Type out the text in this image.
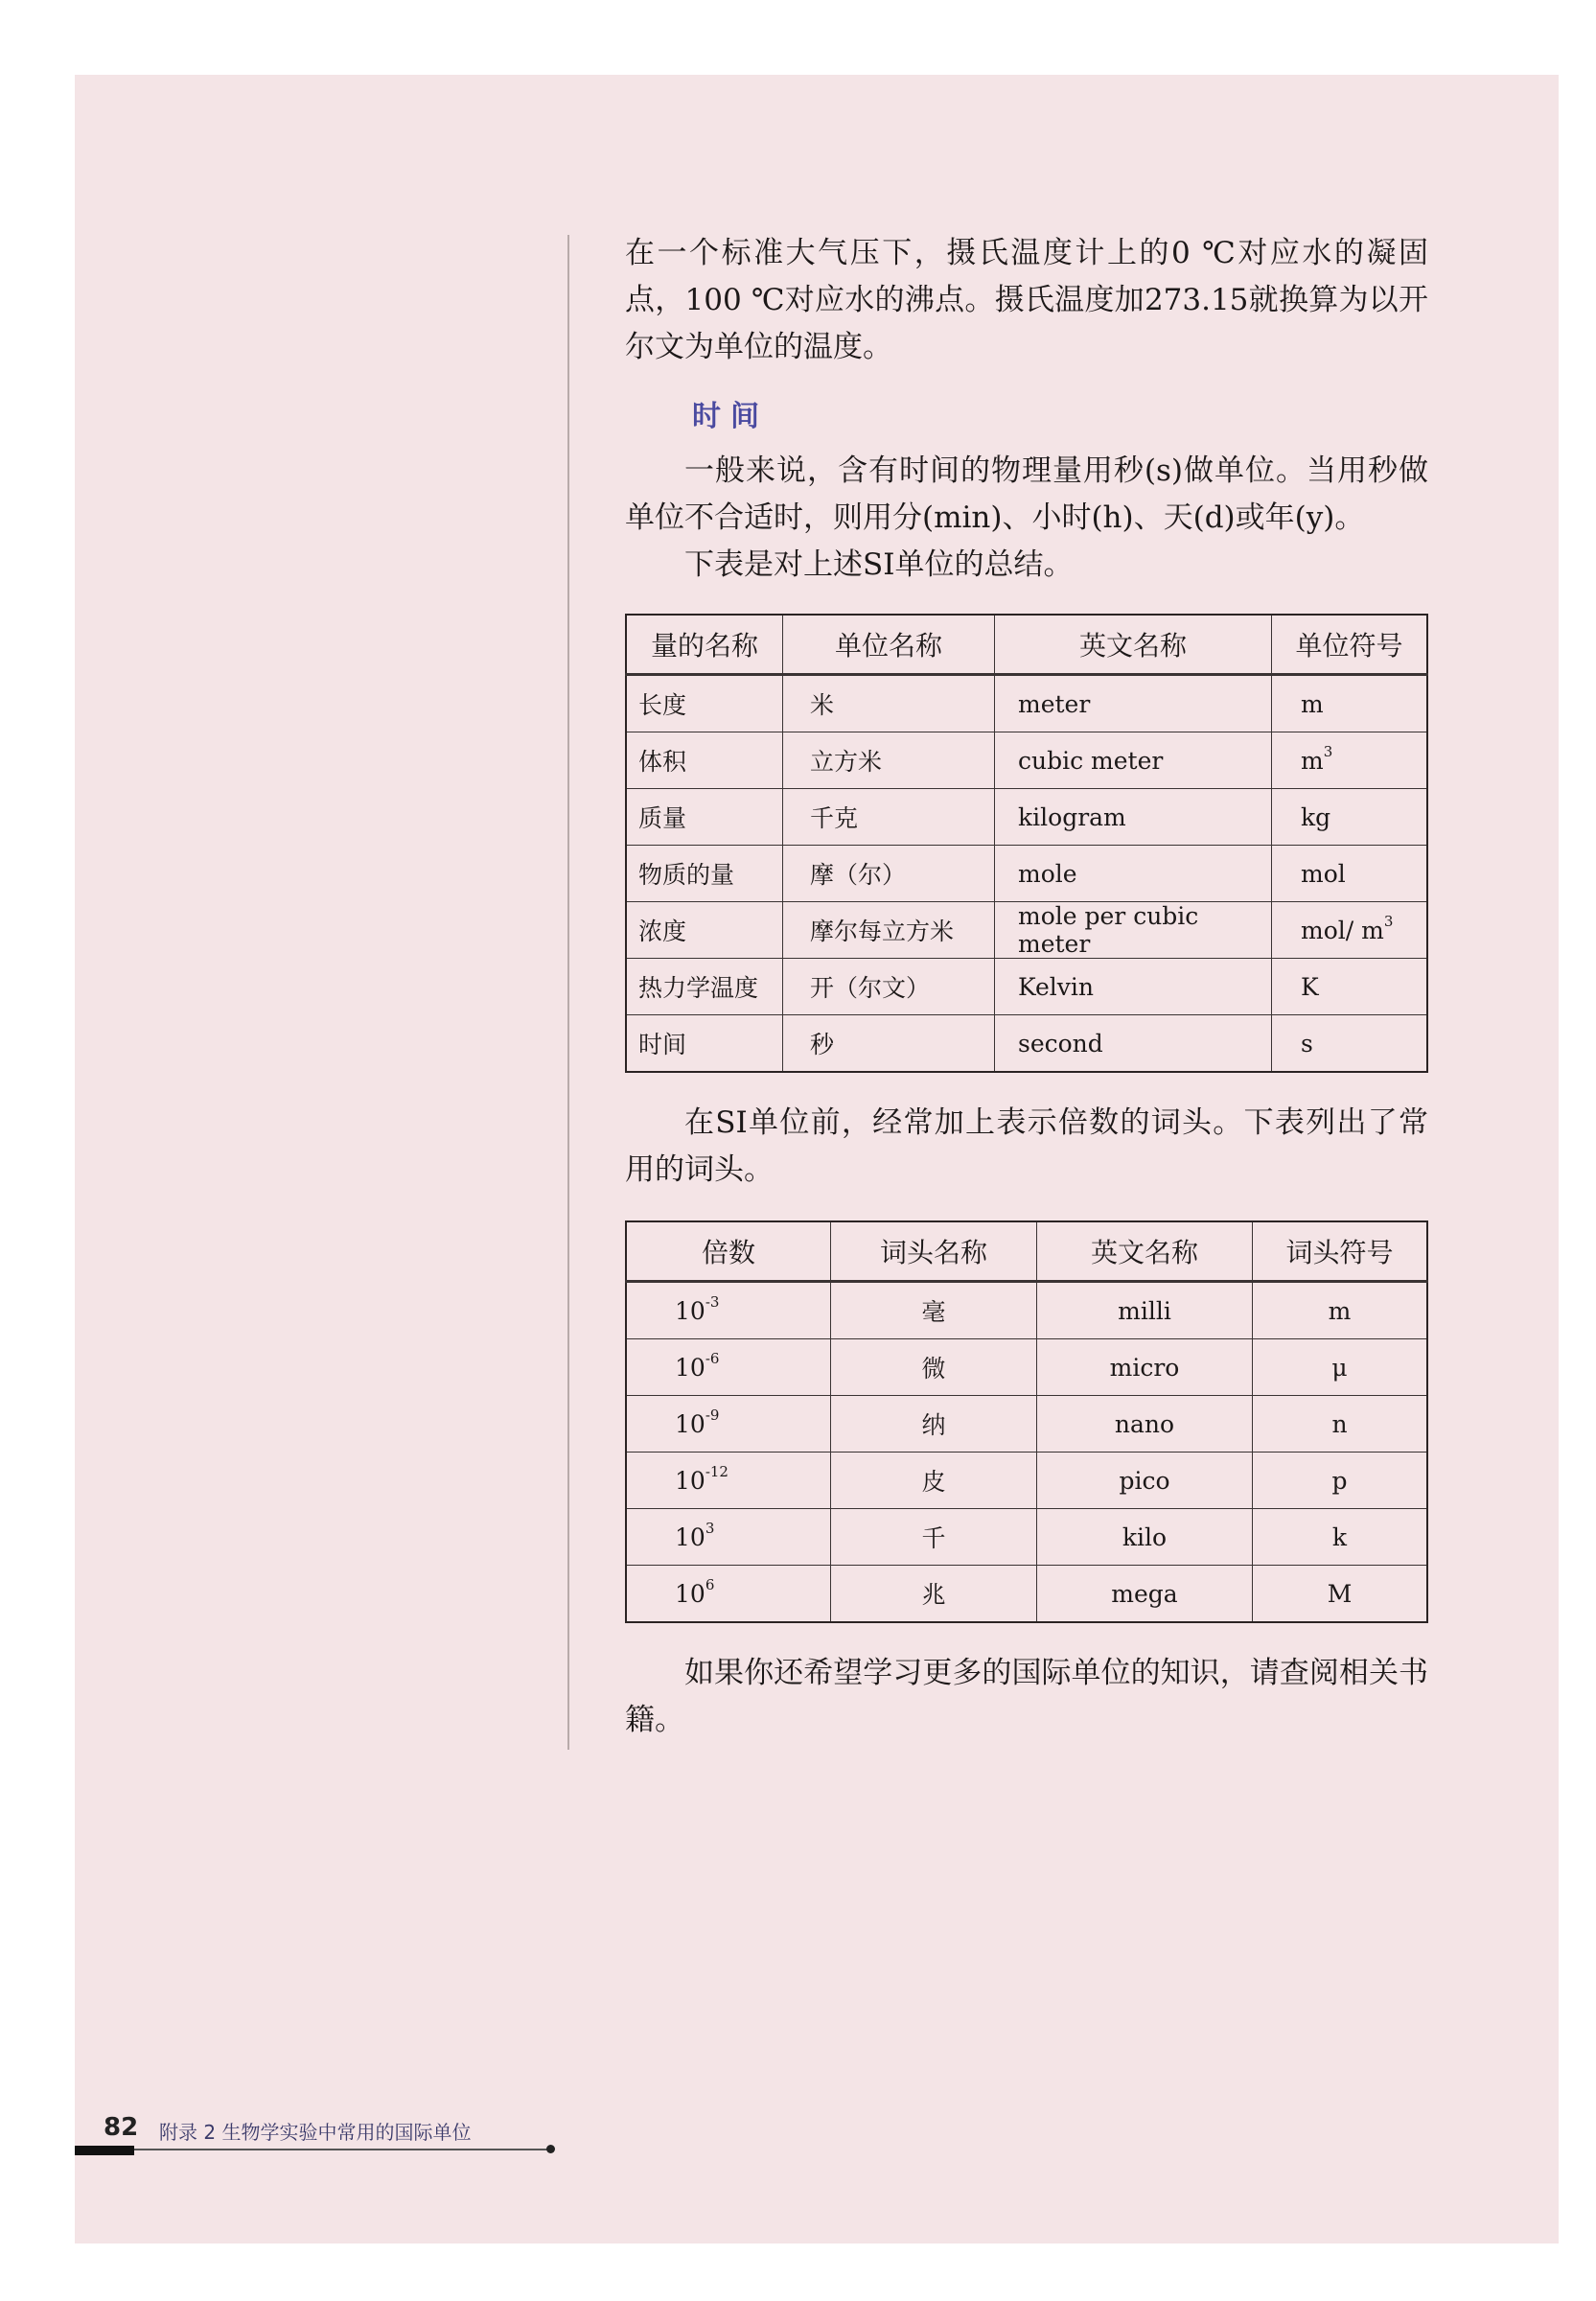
在一个标准大气压下，摄氏温度计上的0 ℃对应水的凝固点，100 ℃对应水的沸点。摄氏温度加273.15就换算为以开尔文为单位的温度。

时间

一般来说，含有时间的物理量用秒(s)做单位。当用秒做单位不合适时，则用分(min)、小时(h)、天(d)或年(y)。

下表是对上述SI单位的总结。

量的名称	单位名称	英文名称	单位符号
长度	米	meter	m
体积	立方米	cubic meter	$m^3$
质量	千克	kilogram	kg
物质的量	摩（尔）	mole	mol
浓度	摩尔每立方米	mole per cubic meter	mol/ $m^3$
热力学温度	开（尔文）	Kelvin	K
时间	秒	second	s

在SI单位前，经常加上表示倍数的词头。下表列出了常用的词头。

倍数	词头名称	英文名称	词头符号
$10^{-3}$	毫	milli	m
$10^{-6}$	微	micro	μ
$10^{-9}$	纳	nano	n
$10^{-12}$	皮	pico	p
$10^3$	千	kilo	k
$10^6$	兆	mega	M

如果你还希望学习更多的国际单位的知识，请查阅相关书籍。

82 附录 2 生物学实验中常用的国际单位
